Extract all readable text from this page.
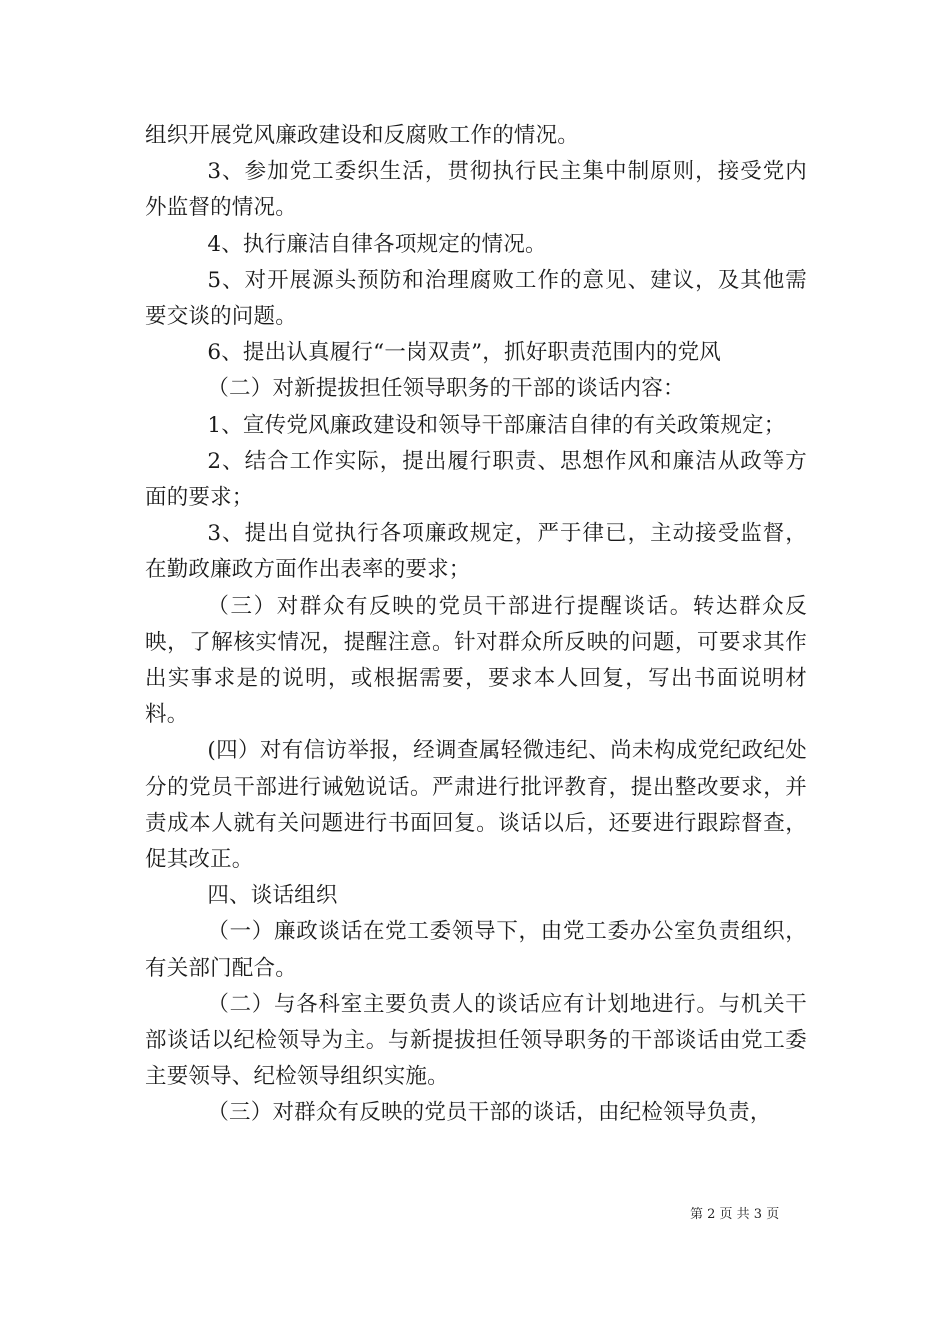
组织开展党风廉政建设和反腐败工作的情况。

3、参加党工委织生活，贯彻执行民主集中制原则，接受党内外监督的情况。

4、执行廉洁自律各项规定的情况。

5、对开展源头预防和治理腐败工作的意见、建议，及其他需要交谈的问题。

6、提出认真履行“一岗双责”，抓好职责范围内的党风

（二）对新提拔担任领导职务的干部的谈话内容：

1、宣传党风廉政建设和领导干部廉洁自律的有关政策规定；

2、结合工作实际，提出履行职责、思想作风和廉洁从政等方面的要求；

3、提出自觉执行各项廉政规定，严于律已，主动接受监督，在勤政廉政方面作出表率的要求；

（三）对群众有反映的党员干部进行提醒谈话。转达群众反映，了解核实情况，提醒注意。针对群众所反映的问题，可要求其作出实事求是的说明，或根据需要，要求本人回复，写出书面说明材料。

(四）对有信访举报，经调查属轻微违纪、尚未构成党纪政纪处分的党员干部进行诫勉说话。严肃进行批评教育，提出整改要求，并责成本人就有关问题进行书面回复。谈话以后，还要进行跟踪督查，促其改正。

四、谈话组织

（一）廉政谈话在党工委领导下，由党工委办公室负责组织，有关部门配合。

（二）与各科室主要负责人的谈话应有计划地进行。与机关干部谈话以纪检领导为主。与新提拔担任领导职务的干部谈话由党工委主要领导、纪检领导组织实施。

（三）对群众有反映的党员干部的谈话，由纪检领导负责，

第 2 页 共 3 页
